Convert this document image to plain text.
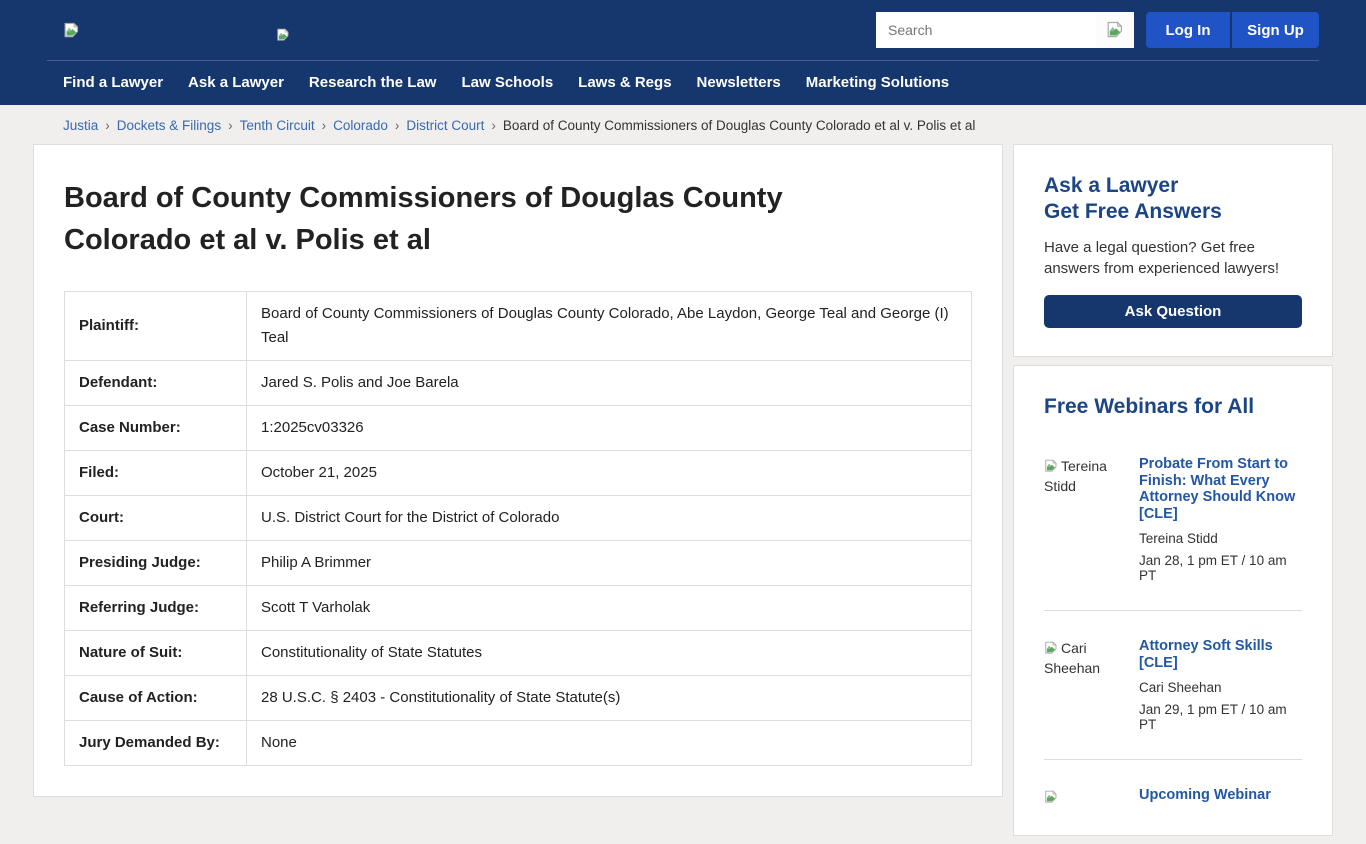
Search
Log In	Sign Up
Find a Lawyer Ask a Lawyer Research the Law Law Schools Laws & Regs Newsletters Marketing Solutions
Justia › Dockets & Filings › Tenth Circuit › Colorado › District Court › Board of County Commissioners of Douglas County Colorado et al v. Polis et al
Board of County Commissioners of Douglas County Colorado et al v. Polis et al
Plaintiff:	Board of County Commissioners of Douglas County Colorado, Abe Laydon, George Teal and George (I) Teal
Defendant:	Jared S. Polis and Joe Barela
Case Number:	1:2025cv03326
Filed:	October 21, 2025
Court:	U.S. District Court for the District of Colorado
Presiding Judge:	Philip A Brimmer
Referring Judge:	Scott T Varholak
Nature of Suit:	Constitutionality of State Statutes
Cause of Action:	28 U.S.C. § 2403 - Constitutionality of State Statute(s)
Jury Demanded By:	None
Ask a Lawyer
Get Free Answers

Have a legal question? Get free answers from experienced lawyers!

Ask Question
Free Webinars for All
Tereina Stidd
Probate From Start to Finish: What Every Attorney Should Know [CLE]
Tereina Stidd
Jan 28, 1 pm ET / 10 am PT
Cari Sheehan
Attorney Soft Skills [CLE]
Cari Sheehan
Jan 29, 1 pm ET / 10 am PT
Upcoming Webinar
